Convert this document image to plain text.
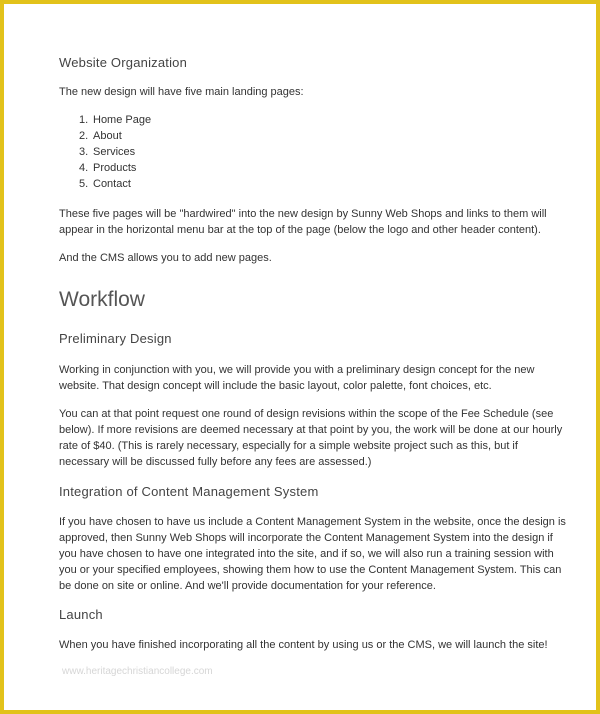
Website Organization

The new design will have five main landing pages:

1. Home Page
2. About
3. Services
4. Products
5. Contact

These five pages will be "hardwired" into the new design by Sunny Web Shops and links to them will appear in the horizontal menu bar at the top of the page (below the logo and other header content).

And the CMS allows you to add new pages.

Workflow
Preliminary Design

Working in conjunction with you, we will provide you with a preliminary design concept for the new website. That design concept will include the basic layout, color palette, font choices, etc.

You can at that point request one round of design revisions within the scope of the Fee Schedule (see below). If more revisions are deemed necessary at that point by you, the work will be done at our hourly rate of $40. (This is rarely necessary, especially for a simple website project such as this, but if necessary will be discussed fully before any fees are assessed.)

Integration of Content Management System

If you have chosen to have us include a Content Management System in the website, once the design is approved, then Sunny Web Shops will incorporate the Content Management System into the design if you have chosen to have one integrated into the site, and if so, we will also run a training session with you or your specified employees, showing them how to use the Content Management System. This can be done on site or online. And we'll provide documentation for your reference.

Launch

When you have finished incorporating all the content by using us or the CMS, we will launch the site!

www.heritagechristiancollege.com
